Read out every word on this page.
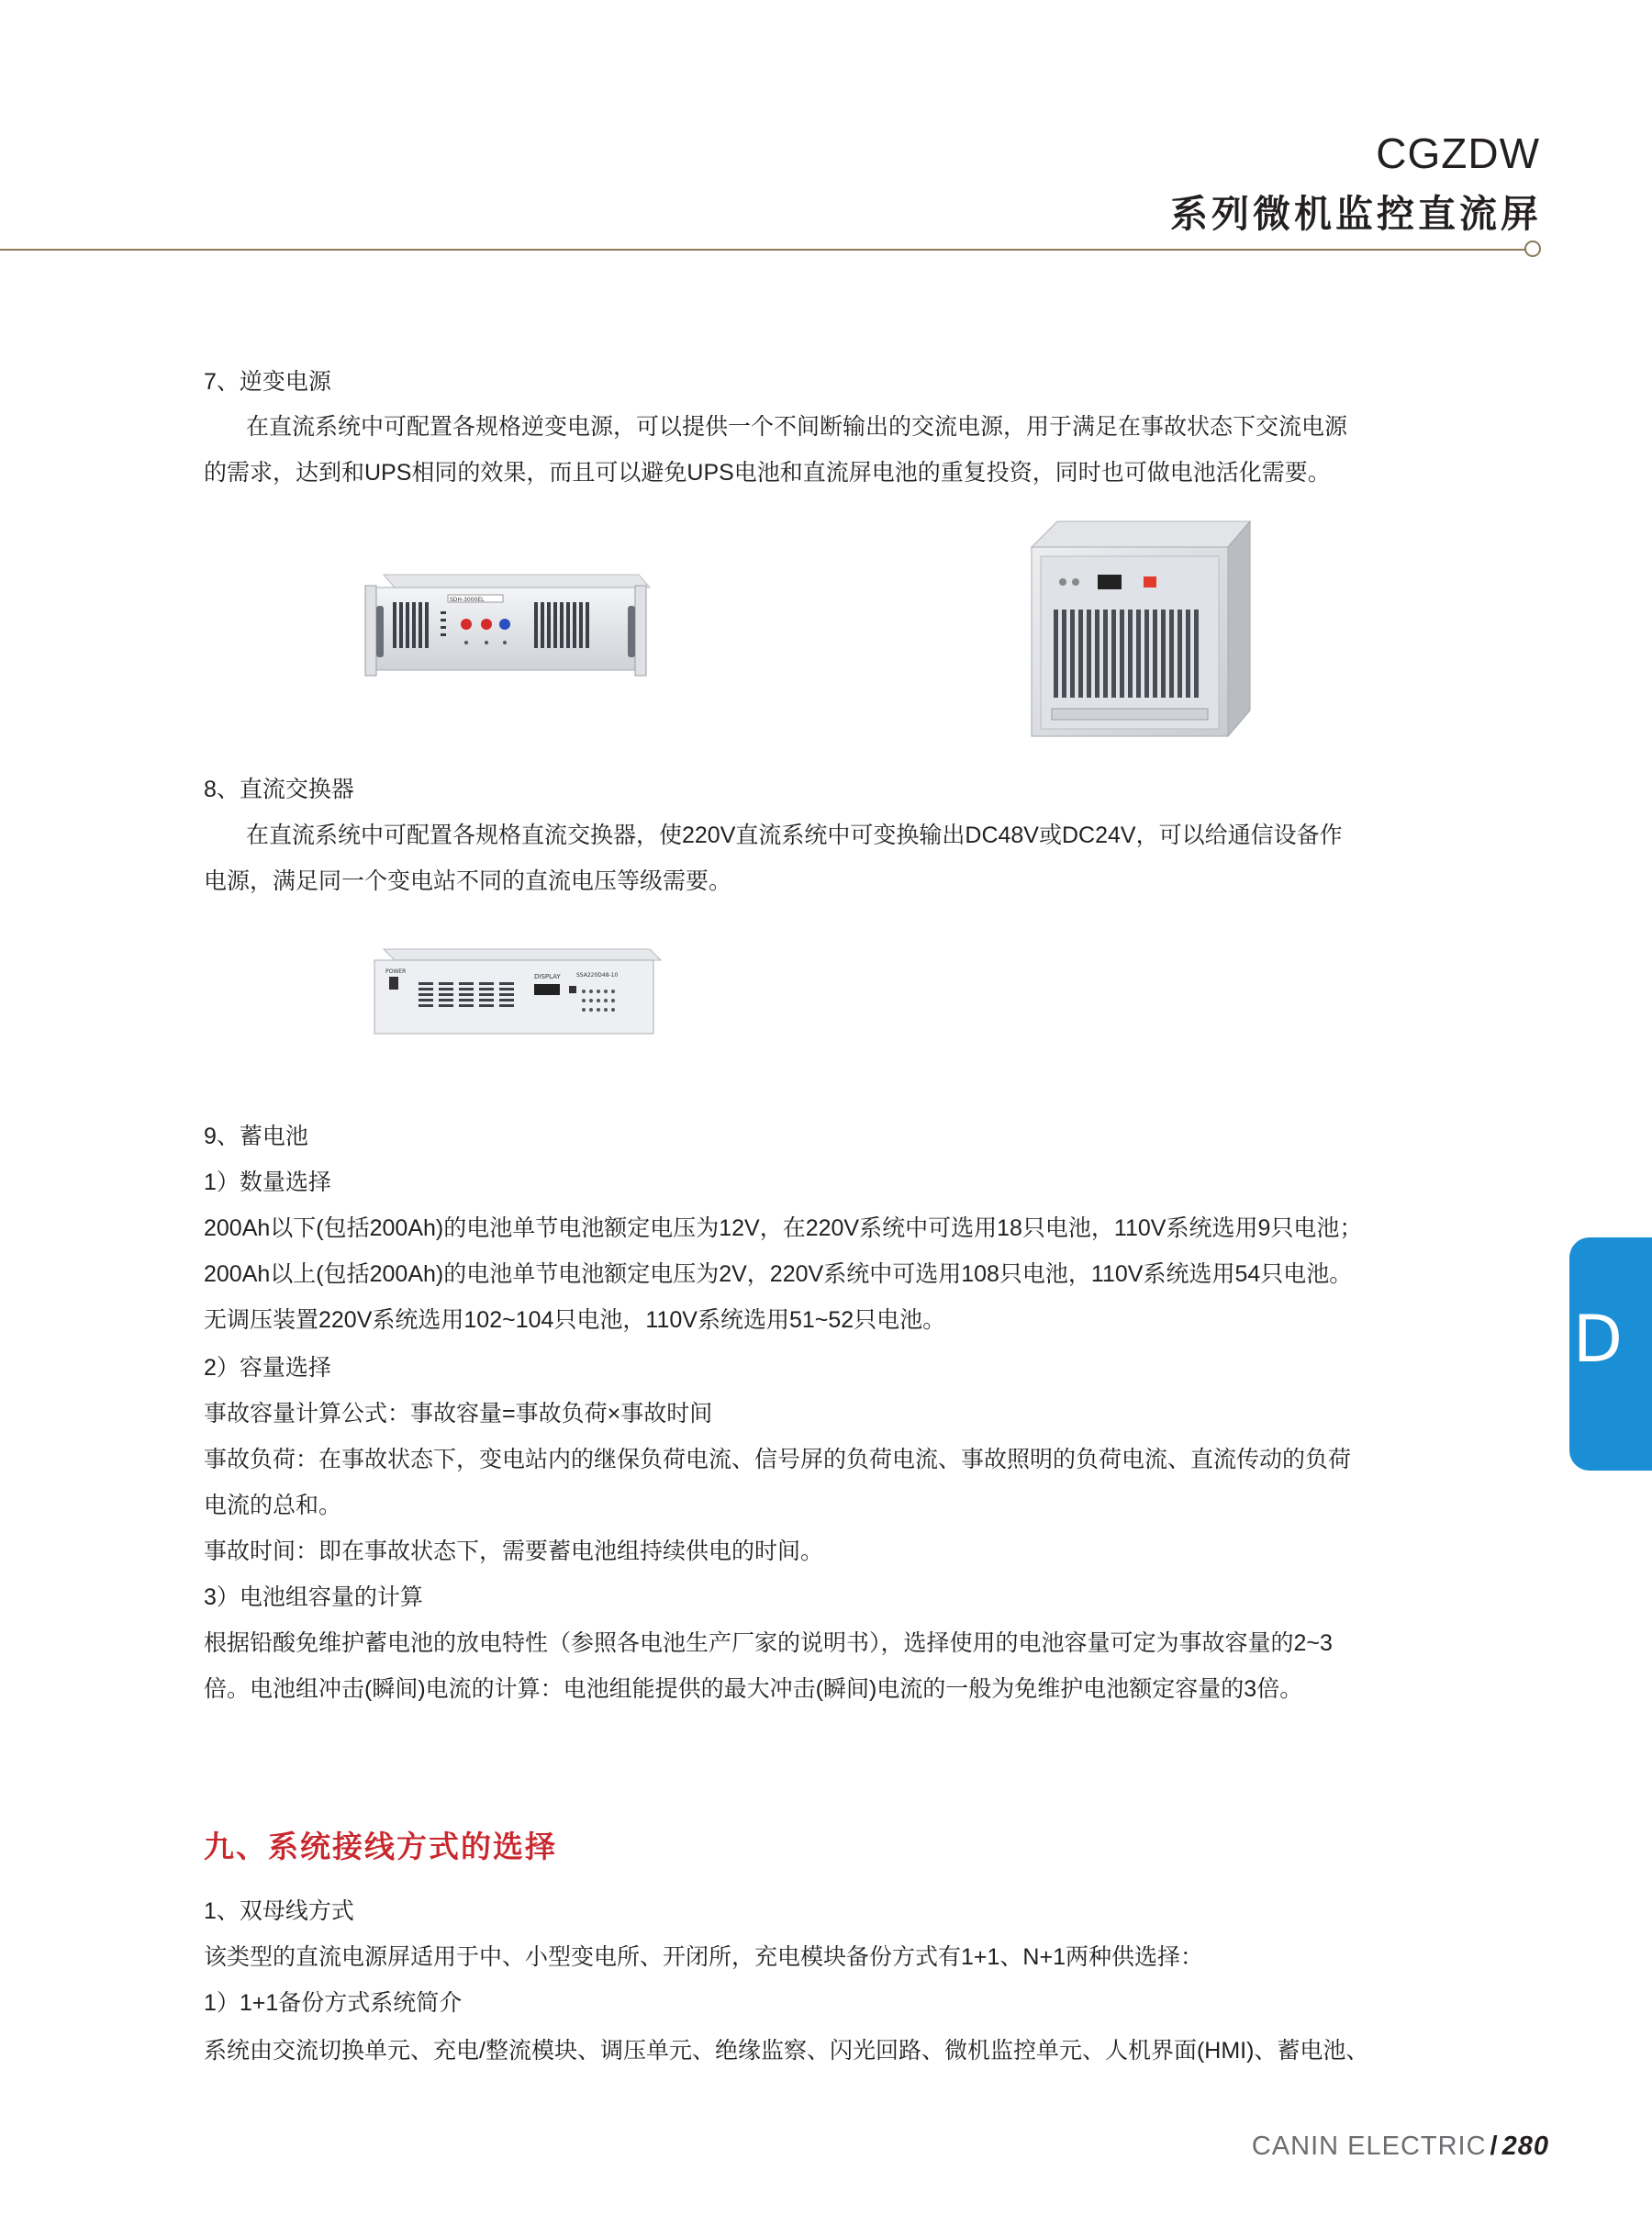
CGZDW
系列微机监控直流屏
7、逆变电源
在直流系统中可配置各规格逆变电源，可以提供一个不间断输出的交流电源，用于满足在事故状态下交流电源
的需求，达到和UPS相同的效果，而且可以避免UPS电池和直流屏电池的重复投资，同时也可做电池活化需要。
SDH-3000EL
8、直流交换器
在直流系统中可配置各规格直流交换器，使220V直流系统中可变换输出DC48V或DC24V，可以给通信设备作
电源，满足同一个变电站不同的直流电压等级需要。
POWER
DISPLAY	SSA220D48-10
9、蓄电池
1）数量选择
200Ah以下(包括200Ah)的电池单节电池额定电压为12V，在220V系统中可选用18只电池，110V系统选用9只电池；
200Ah以上(包括200Ah)的电池单节电池额定电压为2V，220V系统中可选用108只电池，110V系统选用54只电池。
无调压装置220V系统选用102~104只电池，110V系统选用51~52只电池。
2）容量选择
事故容量计算公式：事故容量=事故负荷×事故时间
事故负荷：在事故状态下，变电站内的继保负荷电流、信号屏的负荷电流、事故照明的负荷电流、直流传动的负荷
电流的总和。
事故时间：即在事故状态下，需要蓄电池组持续供电的时间。
3）电池组容量的计算
根据铅酸免维护蓄电池的放电特性（参照各电池生产厂家的说明书），选择使用的电池容量可定为事故容量的2~3
倍。电池组冲击(瞬间)电流的计算：电池组能提供的最大冲击(瞬间)电流的一般为免维护电池额定容量的3倍。
九、系统接线方式的选择
1、双母线方式
该类型的直流电源屏适用于中、小型变电所、开闭所，充电模块备份方式有1+1、N+1两种供选择：
1）1+1备份方式系统简介
系统由交流切换单元、充电/整流模块、调压单元、绝缘监察、闪光回路、微机监控单元、人机界面(HMI)、蓄电池、
D
CANIN ELECTRIC / 280
